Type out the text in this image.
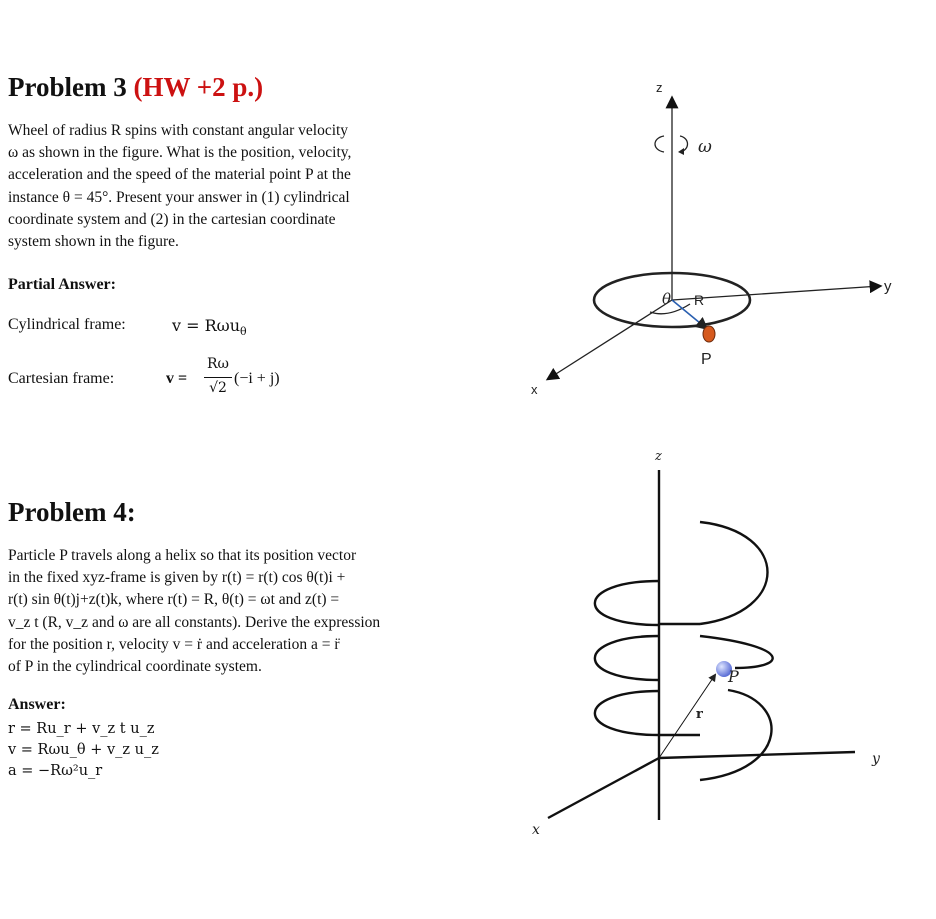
Problem 3 (HW +2 p.)
Wheel of radius R spins with constant angular velocity
ω as shown in the figure. What is the position, velocity,
acceleration and the speed of the material point P at the
instance θ = 45°. Present your answer in (1) cylindrical
coordinate system and (2) in the cartesian coordinate
system shown in the figure.
Partial Answer:
Cylindrical frame:	v = Rωu$_\theta$
Cartesian frame:	v =
Rω
√2
(−i + j)
Problem 4:
Particle P travels along a helix so that its position vector
in the fixed xyz-frame is given by r(t) = r(t) cos θ(t)i +
r(t) sin θ(t)j+z(t)k, where r(t) = R, θ(t) = ωt and z(t) =
v_z t (R, v_z and ω are all constants). Derive the expression
for the position r, velocity v = ṙ and acceleration a = r̈
of P in the cylindrical coordinate system.
Answer:
r = Ru_r + v_z t u_z
v = Rωu_θ + v_z u_z
a = −Rω²u_r
z
y
x
ω
θ R
P
z
y
x
P
r
